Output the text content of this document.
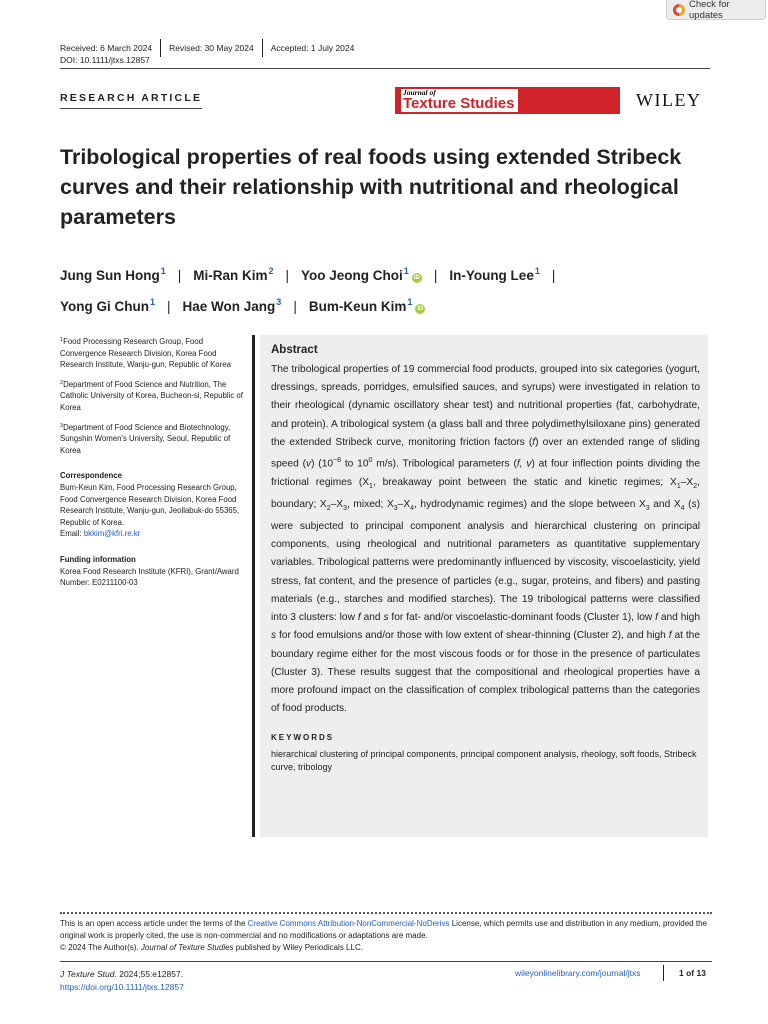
Check for updates
Received: 6 March 2024 Revised: 30 May 2024 Accepted: 1 July 2024
DOI: 10.1111/jtxs.12857
RESEARCH ARTICLE	Journal of
Texture Studies	WILEY
Tribological properties of real foods using extended Stribeck curves and their relationship with nutritional and rheological parameters
Jung Sun Hong$^1$ | Mi-Ran Kim$^2$ | Yoo Jeong Choi$^1$iD | In-Young Lee$^1$ |
Yong Gi Chun$^1$ | Hae Won Jang$^3$ | Bum-Keun Kim$^1$iD

$^1$Food Processing Research Group, Food Convergence Research Division, Korea Food Research Institute, Wanju-gun, Republic of Korea

$^2$Department of Food Science and Nutrition, The Catholic University of Korea, Bucheon-si, Republic of Korea

$^3$Department of Food Science and Biotechnology, Sungshin Women's University, Seoul, Republic of Korea

Correspondence
Bum-Keun Kim, Food Processing Research Group, Food Convergence Research Division, Korea Food Research Institute, Wanju-gun, Jeollabuk-do 55365, Republic of Korea.
Email: bkkim@kfri.re.kr

Funding information
Korea Food Research Institute (KFRI), Grant/Award Number: E0211100-03

Abstract

The tribological properties of 19 commercial food products, grouped into six categories (yogurt, dressings, spreads, porridges, emulsified sauces, and syrups) were investigated in relation to their rheological (dynamic oscillatory shear test) and nutritional properties (fat, carbohydrate, and protein). A tribological system (a glass ball and three polydimethylsiloxane pins) generated the extended Stribeck curve, monitoring friction factors (f) over an extended range of sliding speed (v) ($10^{-8}$ to $10^0$ m/s). Tribological parameters (f, v) at four inflection points dividing the frictional regimes ($X_1$, breakaway point between the static and kinetic regimes; $X_1-X_2$, boundary; $X_2-X_3$, mixed; $X_3-X_4$, hydrodynamic regimes) and the slope between $X_3$ and $X_4$ (s) were subjected to principal component analysis and hierarchical clustering on principal components, using rheological and nutritional parameters as quantitative supplementary variables. Tribological patterns were predominantly influenced by viscosity, viscoelasticity, yield stress, fat content, and the presence of particles (e.g., sugar, proteins, and fibers) and pasting materials (e.g., starches and modified starches). The 19 tribological patterns were classified into 3 clusters: low f and s for fat- and/or viscoelastic-dominant foods (Cluster 1), low f and high s for food emulsions and/or those with low extent of shear-thinning (Cluster 2), and high f at the boundary regime either for the most viscous foods or for those in the presence of particulates (Cluster 3). These results suggest that the compositional and rheological properties have a more profound impact on the classification of complex tribological patterns than the categories of food products.

KEYWORDS
hierarchical clustering of principal components, principal component analysis, rheology, soft foods, Stribeck curve, tribology
This is an open access article under the terms of the Creative Commons Attribution-NonCommercial-NoDerivs License, which permits use and distribution in any medium, provided the original work is properly cited, the use is non-commercial and no modifications or adaptations are made.
© 2024 The Author(s). Journal of Texture Studies published by Wiley Periodicals LLC.
J Texture Stud. 2024;55:e12857.
https://doi.org/10.1111/jtxs.12857
wileyonlinelibrary.com/journal/jtxs	1 of 13
